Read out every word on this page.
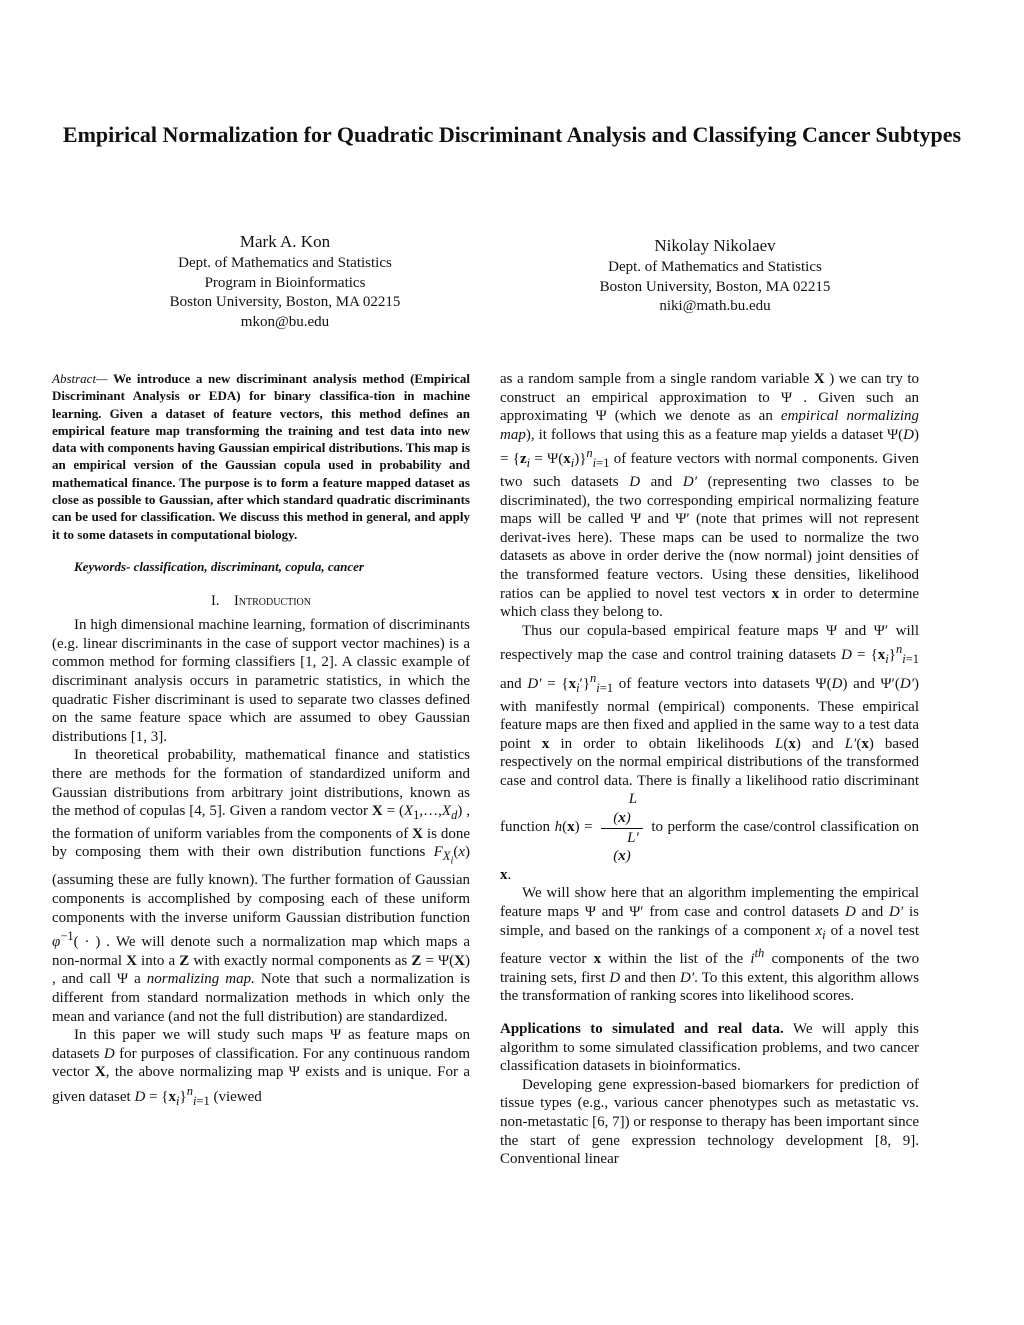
Empirical Normalization for Quadratic Discriminant Analysis and Classifying Cancer Subtypes
Mark A. Kon
Dept. of Mathematics and Statistics
Program in Bioinformatics
Boston University, Boston, MA 02215
mkon@bu.edu
Nikolay Nikolaev
Dept. of Mathematics and Statistics
Boston University, Boston, MA 02215
niki@math.bu.edu

Abstract— We introduce a new discriminant analysis method (Empirical Discriminant Analysis or EDA) for binary classifica-tion in machine learning. Given a dataset of feature vectors, this method defines an empirical feature map transforming the training and test data into new data with components having Gaussian empirical distributions. This map is an empirical version of the Gaussian copula used in probability and mathematical finance. The purpose is to form a feature mapped dataset as close as possible to Gaussian, after which standard quadratic discriminants can be used for classification. We discuss this method in general, and apply it to some datasets in computational biology.

Keywords- classification, discriminant, copula, cancer

I. Introduction

In high dimensional machine learning, formation of discriminants (e.g. linear discriminants in the case of support vector machines) is a common method for forming classifiers [1, 2]. A classic example of discriminant analysis occurs in parametric statistics, in which the quadratic Fisher discriminant is used to separate two classes defined on the same feature space which are assumed to obey Gaussian distributions [1, 3].

In theoretical probability, mathematical finance and statistics there are methods for the formation of standardized uniform and Gaussian distributions from arbitrary joint distributions, known as the method of copulas [4, 5]. Given a random vector $X = (X_1,\dots,X_d)$ , the formation of uniform variables from the components of X is done by composing them with their own distribution functions $F_{X_i}(x)$ (assuming these are fully known). The further formation of Gaussian components is accomplished by composing each of these uniform components with the inverse uniform Gaussian distribution function $\varphi^{-1}$( · ) . We will denote such a normalization map which maps a non-normal X into a Z with exactly normal components as Z = Ψ(X) , and call Ψ a normalizing map. Note that such a normalization is different from standard normalization methods in which only the mean and variance (and not the full distribution) are standardized.

In this paper we will study such maps Ψ as feature maps on datasets D for purposes of classification. For any continuous random vector X, the above normalizing map Ψ exists and is unique. For a given dataset $D = \{x_i\}^n_{i=1}$ (viewed

as a random sample from a single random variable X ) we can try to construct an empirical approximation to Ψ . Given such an approximating Ψ (which we denote as an empirical normalizing map), it follows that using this as a feature map yields a dataset $\Psi(D) = \{z_i = \Psi(x_i)\}^n_{i=1}$ of feature vectors with normal components. Given two such datasets D and D′ (representing two classes to be discriminated), the two corresponding empirical normalizing feature maps will be called Ψ and Ψ′ (note that primes will not represent derivat-ives here). These maps can be used to normalize the two datasets as above in order derive the (now normal) joint densities of the transformed feature vectors. Using these densities, likelihood ratios can be applied to novel test vectors x in order to determine which class they belong to.

Thus our copula-based empirical feature maps Ψ and Ψ′ will respectively map the case and control training datasets $D = \{x_i\}^n_{i=1}$ and $D' = \{x_i'\}^n_{i=1}$ of feature vectors into datasets Ψ(D) and Ψ′(D′) with manifestly normal (empirical) components. These empirical feature maps are then fixed and applied in the same way to a test data point x in order to obtain likelihoods L(x) and L′(x) based respectively on the normal empirical distributions of the transformed case and control data. There is finally a likelihood ratio discriminant function h(x) = L
(x)
L′
(x) to perform the case/control classification on x.

We will show here that an algorithm implementing the empirical feature maps Ψ and Ψ′ from case and control datasets D and D′ is simple, and based on the rankings of a component $x_i$ of a novel test feature vector x within the list of the $i^{th}$ components of the two training sets, first D and then D′. To this extent, this algorithm allows the transformation of ranking scores into likelihood scores.

Applications to simulated and real data. We will apply this algorithm to some simulated classification problems, and two cancer classification datasets in bioinformatics.

Developing gene expression-based biomarkers for prediction of tissue types (e.g., various cancer phenotypes such as metastatic vs. non-metastatic [6, 7]) or response to therapy has been important since the start of gene expression technology development [8, 9]. Conventional linear
